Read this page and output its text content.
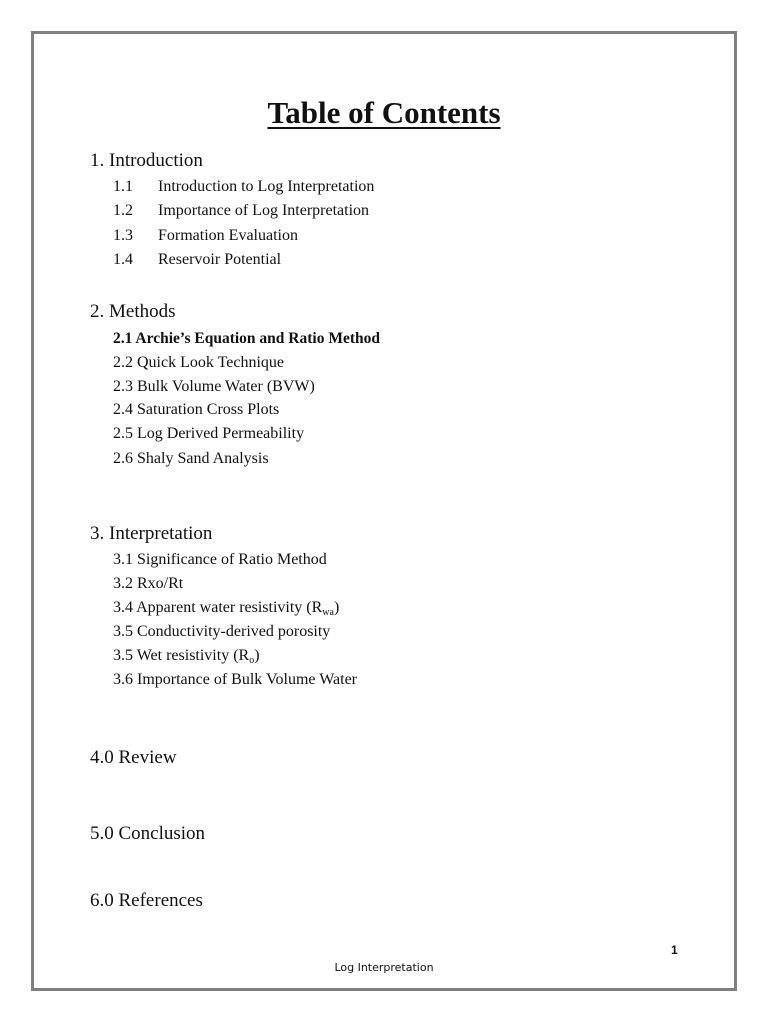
Table of Contents
1. Introduction
1.1 Introduction to Log Interpretation
1.2 Importance of Log Interpretation
1.3 Formation Evaluation
1.4 Reservoir Potential
2. Methods
2.1 Archie’s Equation and Ratio Method
2.2 Quick Look Technique
2.3 Bulk Volume Water (BVW)
2.4 Saturation Cross Plots
2.5 Log Derived Permeability
2.6 Shaly Sand Analysis
3. Interpretation
3.1 Significance of Ratio Method
3.2 Rxo/Rt
3.4 Apparent water resistivity $(R_{wa})$
3.5 Conductivity-derived porosity
3.5 Wet resistivity $(R_o)$
3.6 Importance of Bulk Volume Water
4.0 Review
5.0 Conclusion
6.0 References
1
Log Interpretation
